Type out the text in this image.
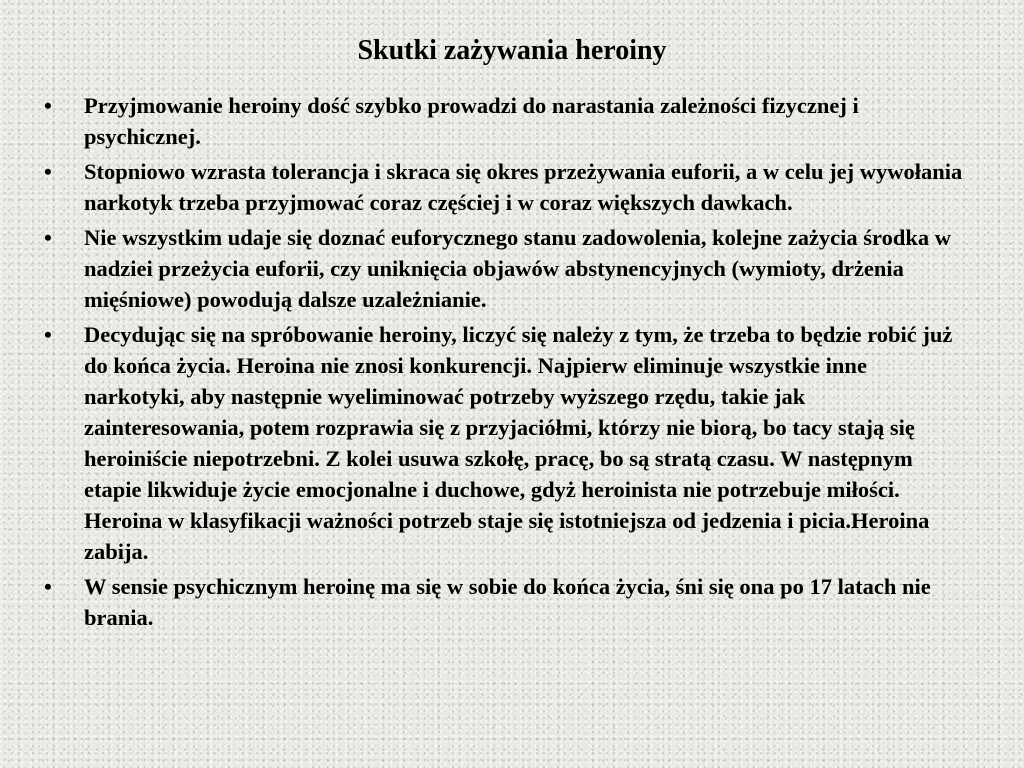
Skutki zażywania heroiny
•	Przyjmowanie heroiny dość szybko prowadzi do narastania zależności fizycznej i psychicznej.
•	Stopniowo wzrasta tolerancja i skraca się okres przeżywania euforii, a w celu jej wywołania narkotyk trzeba przyjmować coraz częściej i w coraz większych dawkach.
•	Nie wszystkim udaje się doznać euforycznego stanu zadowolenia, kolejne zażycia środka w nadziei przeżycia euforii, czy uniknięcia objawów abstynencyjnych (wymioty, drżenia mięśniowe) powodują dalsze uzależnianie.
•	Decydując się na spróbowanie heroiny, liczyć się należy z tym, że trzeba to będzie robić już do końca życia. Heroina nie znosi konkurencji. Najpierw eliminuje wszystkie inne narkotyki, aby następnie wyeliminować potrzeby wyższego rzędu, takie jak zainteresowania, potem rozprawia się z przyjaciółmi, którzy nie biorą, bo tacy stają się heroiniście niepotrzebni. Z kolei usuwa szkołę, pracę, bo są stratą czasu. W następnym etapie likwiduje życie emocjonalne i duchowe, gdyż heroinista nie potrzebuje miłości. Heroina w klasyfikacji ważności potrzeb staje się istotniejsza od jedzenia i picia.Heroina zabija.
•	W sensie psychicznym heroinę ma się w sobie do końca życia, śni się ona po 17 latach nie brania.
